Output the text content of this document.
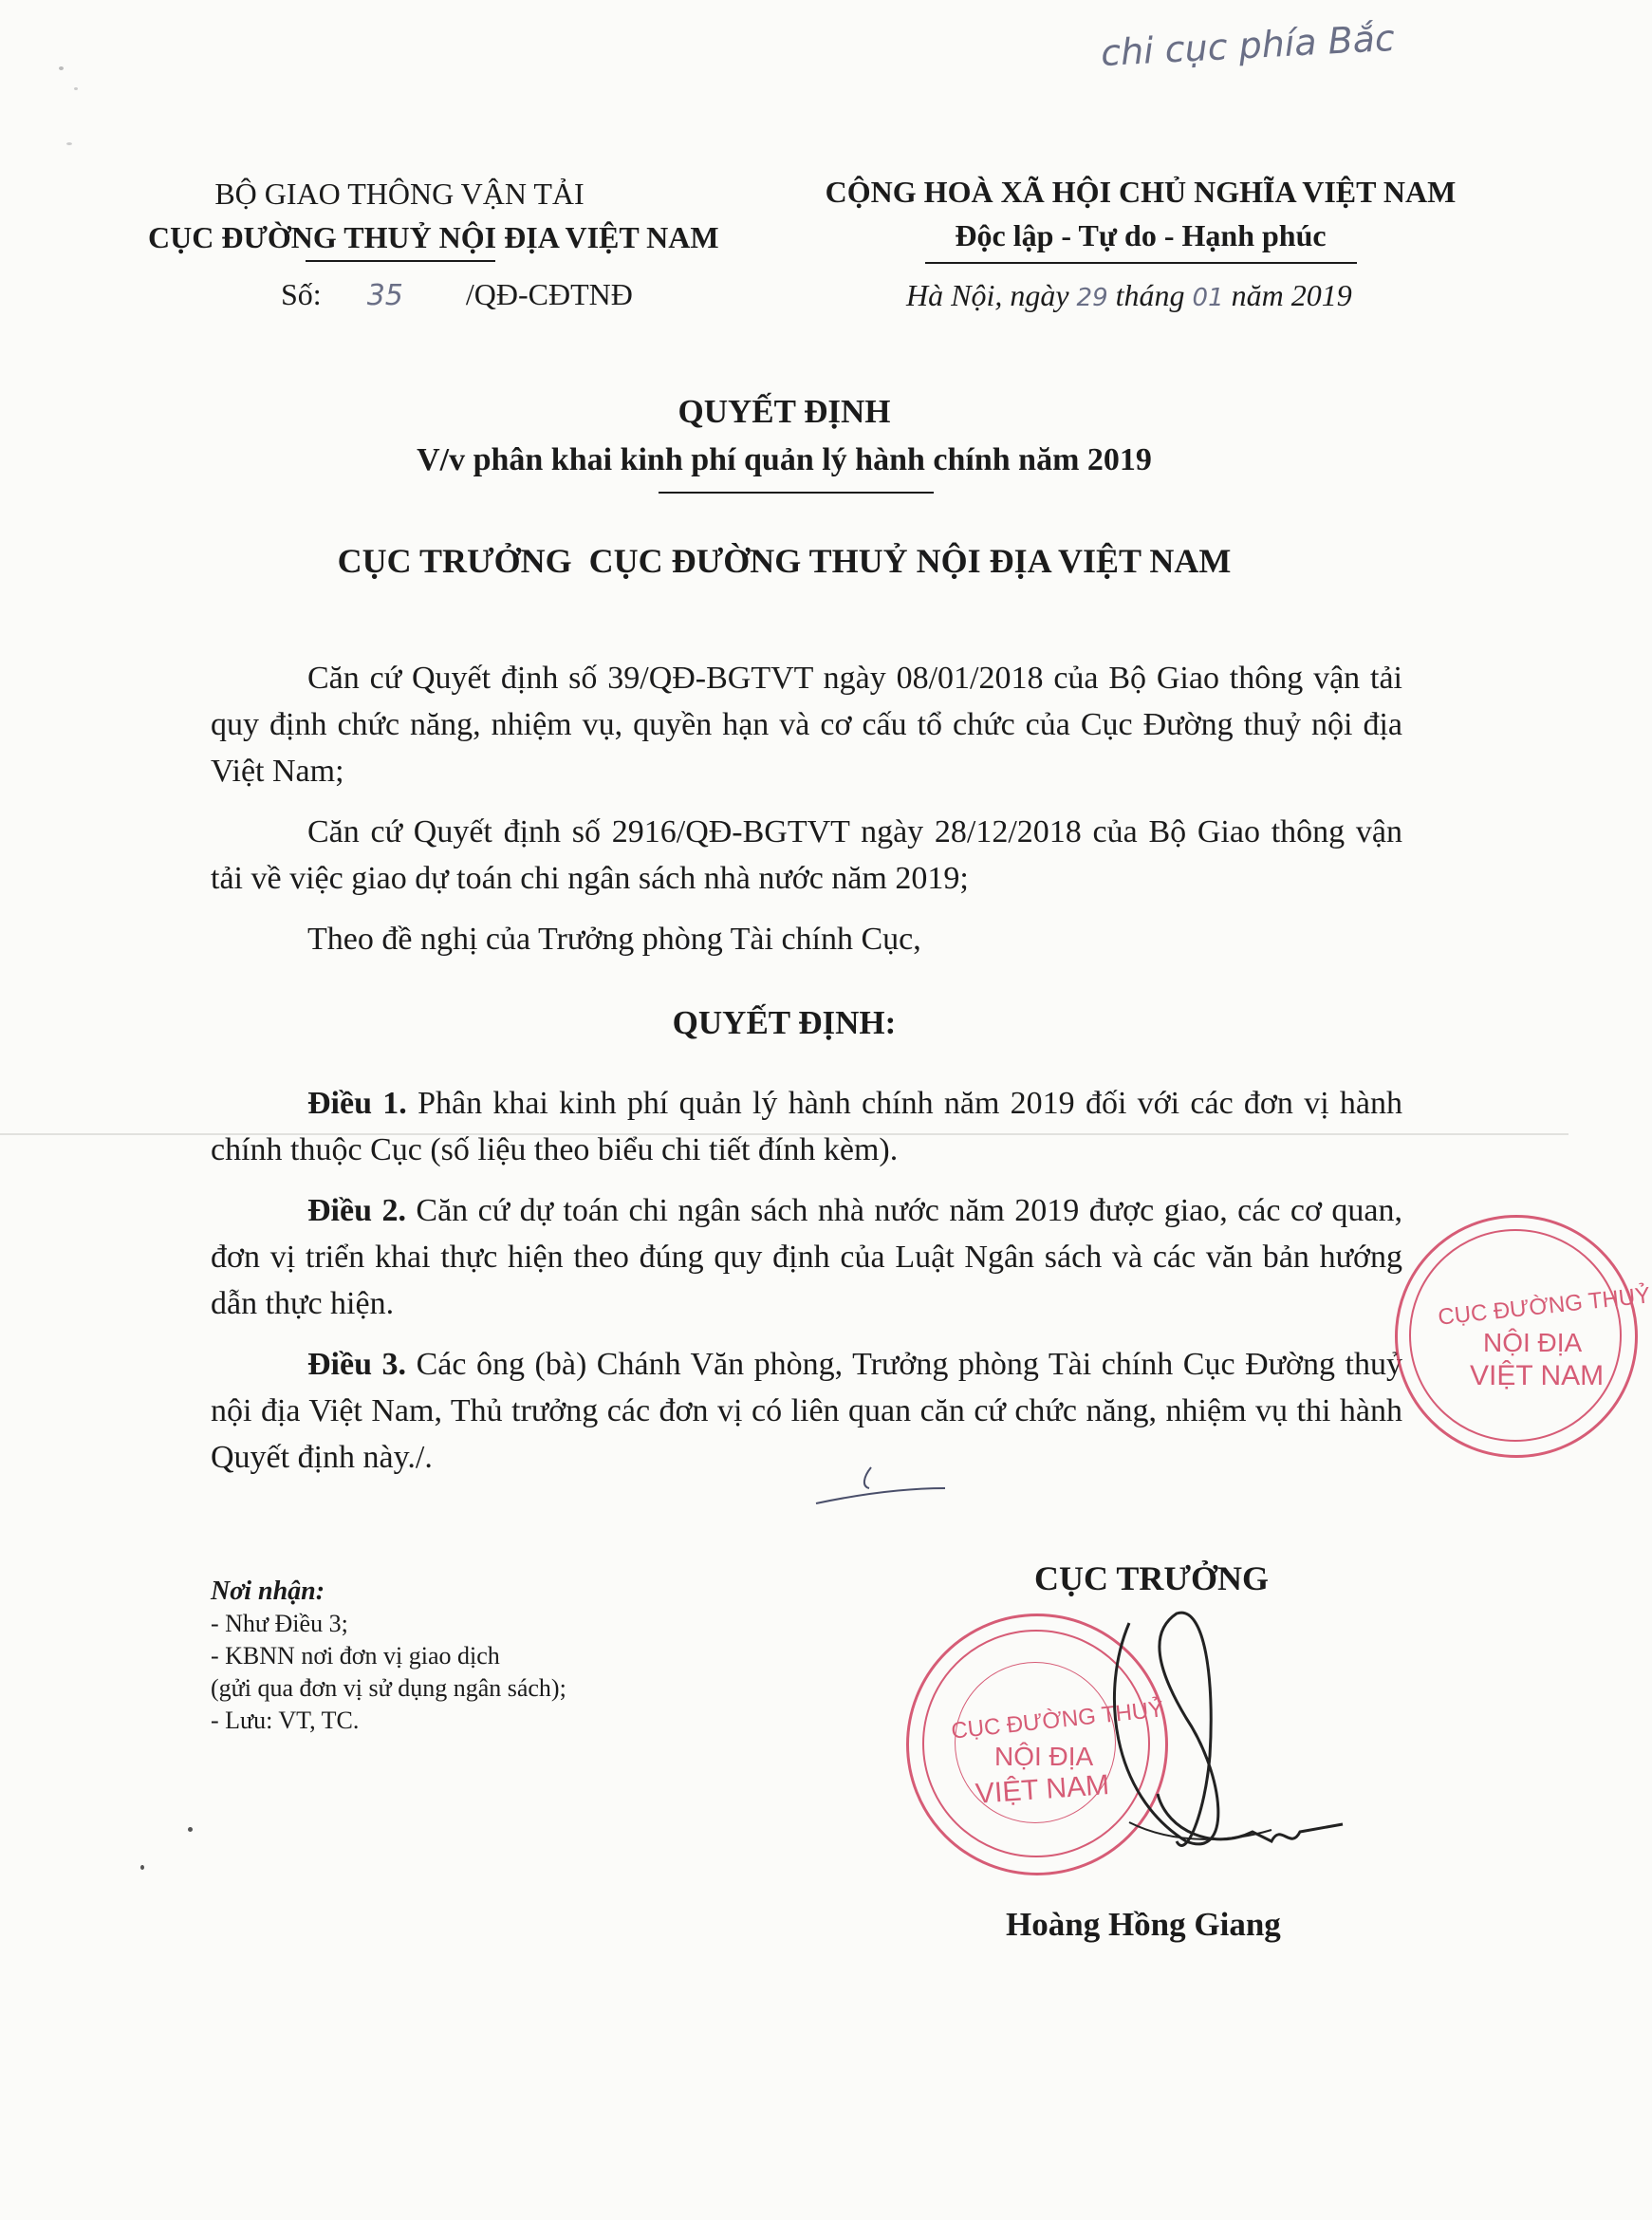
chi cục phía Bắc
BỘ GIAO THÔNG VẬN TẢI
CỤC ĐƯỜNG THUỶ NỘI ĐỊA VIỆT NAM
Số: 35 /QĐ-CĐTNĐ
CỘNG HOÀ XÃ HỘI CHỦ NGHĨA VIỆT NAM
Độc lập - Tự do - Hạnh phúc
Hà Nội, ngày 29 tháng 01 năm 2019
QUYẾT ĐỊNH
V/v phân khai kinh phí quản lý hành chính năm 2019
CỤC TRƯỞNG  CỤC ĐƯỜNG THUỶ NỘI ĐỊA VIỆT NAM

Căn cứ Quyết định số 39/QĐ-BGTVT ngày 08/01/2018 của Bộ Giao thông vận tải quy định chức năng, nhiệm vụ, quyền hạn và cơ cấu tổ chức của Cục Đường thuỷ nội địa Việt Nam;

Căn cứ Quyết định số 2916/QĐ-BGTVT ngày 28/12/2018 của Bộ Giao thông vận tải về việc giao dự toán chi ngân sách nhà nước năm 2019;

Theo đề nghị của Trưởng phòng Tài chính Cục,

QUYẾT ĐỊNH:

Điều 1. Phân khai kinh phí quản lý hành chính năm 2019 đối với các đơn vị hành chính thuộc Cục (số liệu theo biểu chi tiết đính kèm).

Điều 2. Căn cứ dự toán chi ngân sách nhà nước năm 2019 được giao, các cơ quan, đơn vị triển khai thực hiện theo đúng quy định của Luật Ngân sách và các văn bản hướng dẫn thực hiện.

Điều 3. Các ông (bà) Chánh Văn phòng, Trưởng phòng Tài chính Cục Đường thuỷ nội địa Việt Nam, Thủ trưởng các đơn vị có liên quan căn cứ chức năng, nhiệm vụ thi hành Quyết định này./.

CỤC ĐƯỜNG THUỶ
NỘI ĐỊA
VIỆT NAM
Nơi nhận:
- Như Điều 3;
- KBNN nơi đơn vị giao dịch
(gửi qua đơn vị sử dụng ngân sách);
- Lưu: VT, TC.
CỤC TRƯỞNG
CỤC ĐƯỜNG THUỶ
NỘI ĐỊA
VIỆT NAM
Hoàng Hồng Giang
